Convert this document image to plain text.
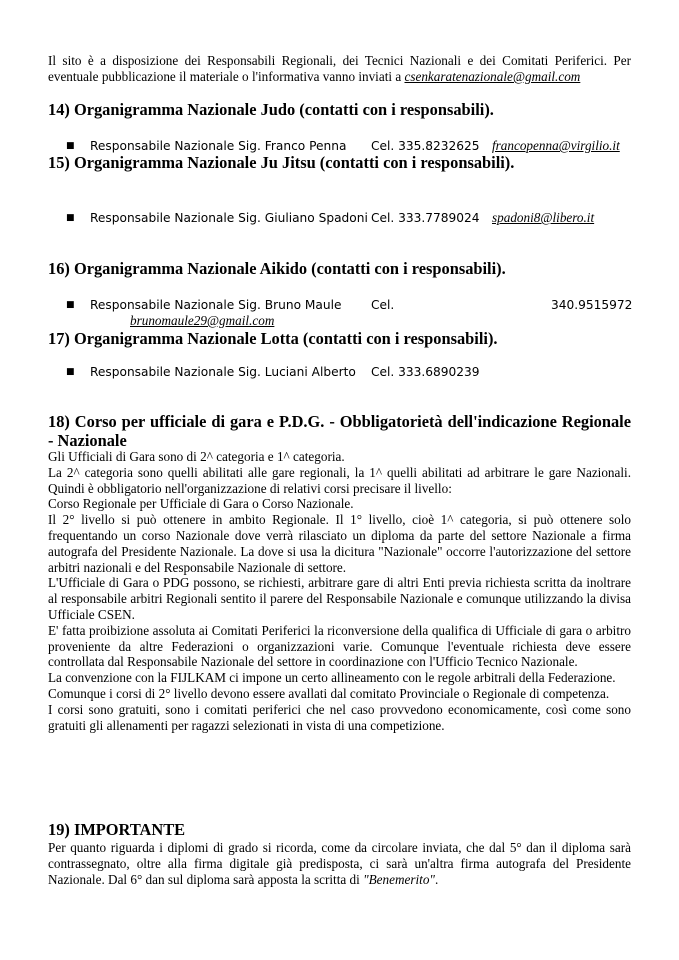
Il sito è a disposizione dei Responsabili Regionali, dei Tecnici Nazionali e dei Comitati Periferici. Per eventuale pubblicazione il materiale o l'informativa vanno inviati a csenkaratenazionale@gmail.com

14) Organigramma Nazionale Judo (contatti con i responsabili).
■ Responsabile Nazionale Sig. Franco Penna Cel. 335.8232625 francopenna@virgilio.it
15) Organigramma Nazionale Ju Jitsu (contatti con i responsabili).
■ Responsabile Nazionale Sig. Giuliano Spadoni Cel. 333.7789024 spadoni8@libero.it
16) Organigramma Nazionale Aikido (contatti con i responsabili).
■ Responsabile Nazionale Sig. Bruno Maule Cel.	340.9515972
brunomaule29@gmail.com
17) Organigramma Nazionale Lotta (contatti con i responsabili).
■ Responsabile Nazionale Sig. Luciani Alberto Cel. 333.6890239
18) Corso per ufficiale di gara e P.D.G. - Obbligatorietà dell'indicazione Regionale - Nazionale

Gli Ufficiali di Gara sono di 2^ categoria e 1^ categoria.

La 2^ categoria sono quelli abilitati alle gare regionali, la 1^ quelli abilitati ad arbitrare le gare Nazionali. Quindi è obbligatorio nell'organizzazione di relativi corsi precisare il livello:

Corso Regionale per Ufficiale di Gara o Corso Nazionale.

Il 2° livello si può ottenere in ambito Regionale. Il 1° livello, cioè 1^ categoria, si può ottenere solo frequentando un corso Nazionale dove verrà rilasciato un diploma da parte del settore Nazionale a firma autografa del Presidente Nazionale. La dove si usa la dicitura "Nazionale" occorre l'autorizzazione del settore arbitri nazionali e del Responsabile Nazionale di settore.

L'Ufficiale di Gara o PDG possono, se richiesti, arbitrare gare di altri Enti previa richiesta scritta da inoltrare al responsabile arbitri Regionali sentito il parere del Responsabile Nazionale e comunque utilizzando la divisa Ufficiale CSEN.

E' fatta proibizione assoluta ai Comitati Periferici la riconversione della qualifica di Ufficiale di gara o arbitro proveniente da altre Federazioni o organizzazioni varie. Comunque l'eventuale richiesta deve essere controllata dal Responsabile Nazionale del settore in coordinazione con l'Ufficio Tecnico Nazionale.

La convenzione con la FIJLKAM ci impone un certo allineamento con le regole arbitrali della Federazione.

Comunque i corsi di 2° livello devono essere avallati dal comitato Provinciale o Regionale di competenza.

I corsi sono gratuiti, sono i comitati periferici che nel caso provvedono economicamente, così come sono gratuiti gli allenamenti per ragazzi selezionati in vista di una competizione.

19) IMPORTANTE

Per quanto riguarda i diplomi di grado si ricorda, come da circolare inviata, che dal 5° dan il diploma sarà contrassegnato, oltre alla firma digitale già predisposta, ci sarà un'altra firma autografa del Presidente Nazionale. Dal 6° dan sul diploma sarà apposta la scritta di "Benemerito".
